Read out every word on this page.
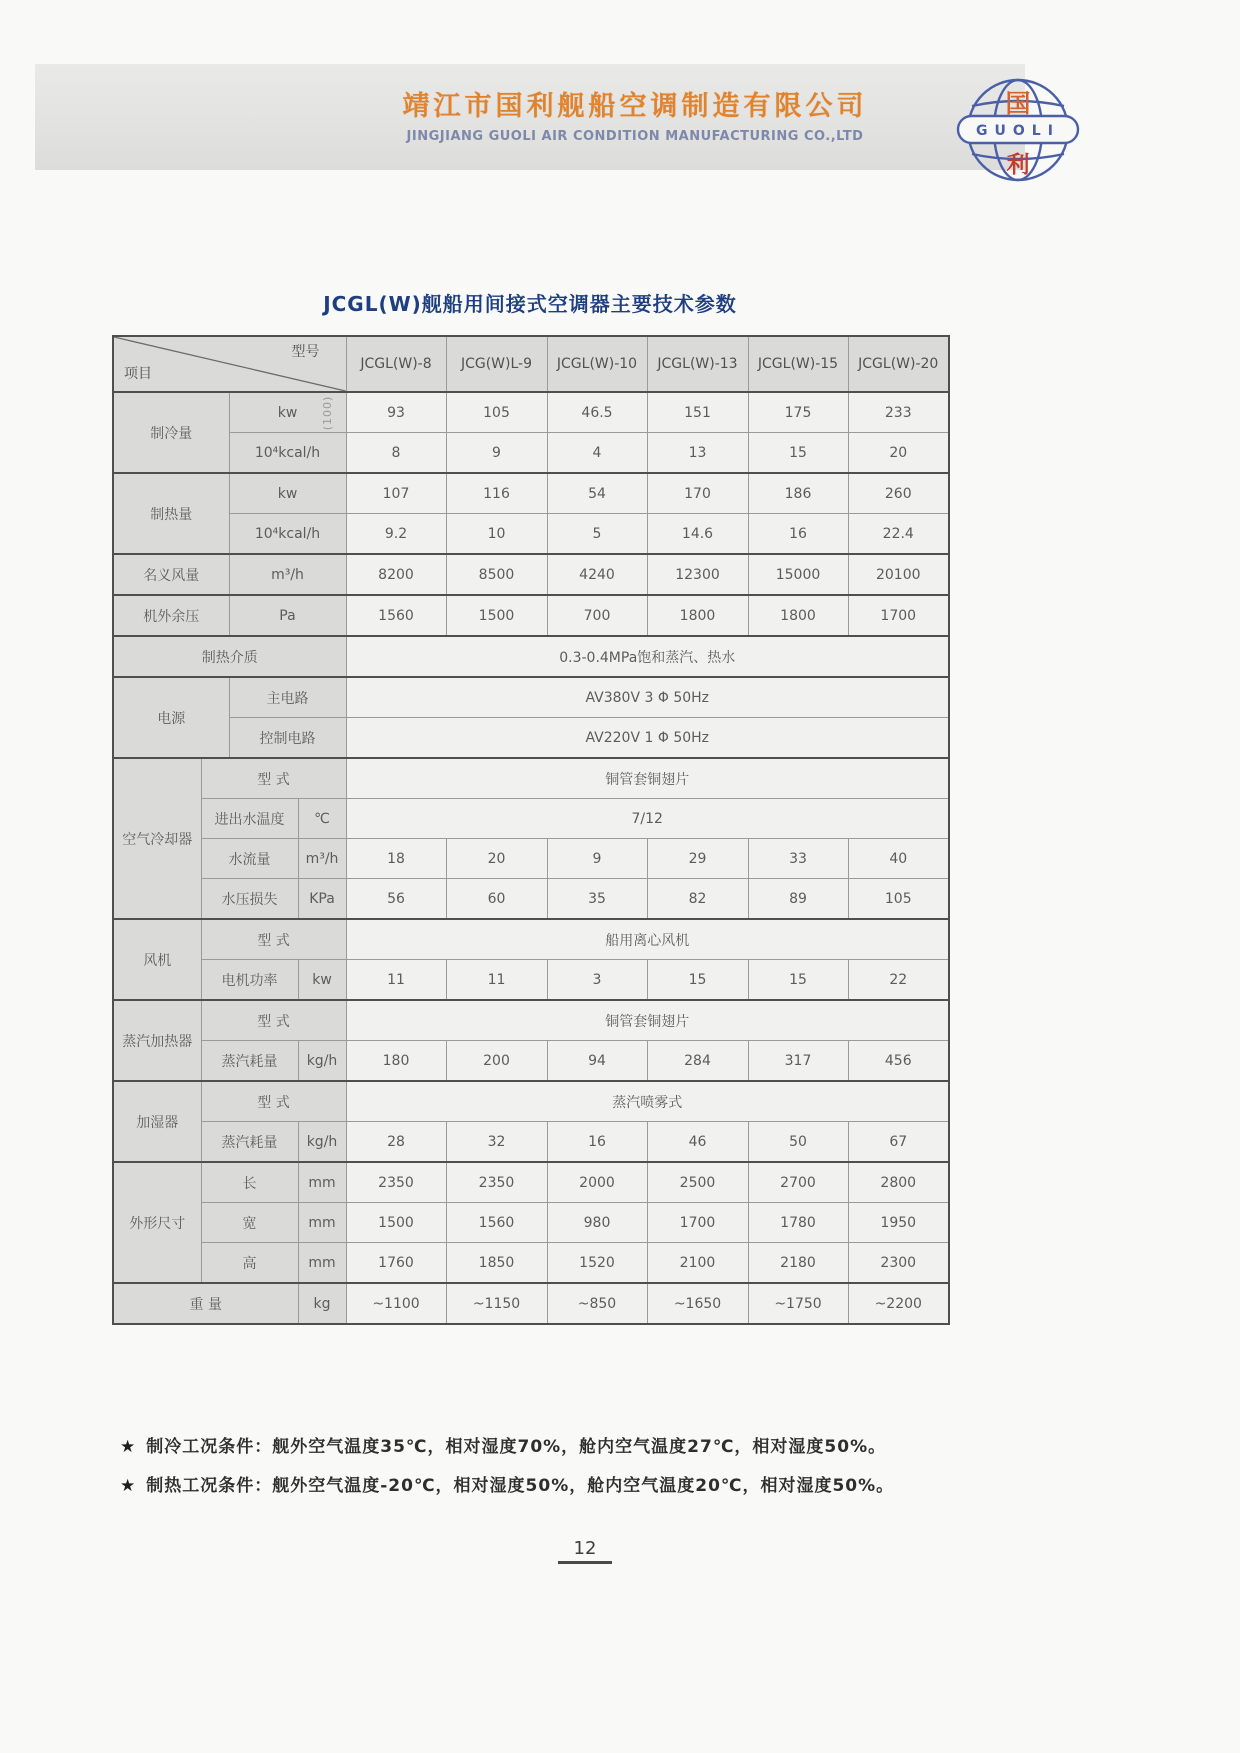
靖江市国利舰船空调制造有限公司
JINGJIANG GUOLI AIR CONDITION MANUFACTURING CO.,LTD	GUOLI
国
利
JCGL(W)舰船用间接式空调器主要技术参数
型号
项目				JCGL(W)-8	JCG(W)L-9	JCGL(W)-10	JCGL(W)-13	JCGL(W)-15	JCGL(W)-20
制冷量		kw (100)		93	105	46.5	151	175	233
		10⁴kcal/h		8	9	4	13	15	20
制热量		kw		107	116	54	170	186	260
		10⁴kcal/h		9.2	10	5	14.6	16	22.4
名义风量		m³/h		8200	8500	4240	12300	15000	20100
机外余压		Pa		1560	1500	700	1800	1800	1700
制热介质				0.3-0.4MPa饱和蒸汽、热水					
电源		主电路		AV380V 3 Φ 50Hz					
		控制电路		AV220V 1 Φ 50Hz					
空气冷却器	型 式			铜管套铜翅片					
	进出水温度		℃	7/12					
	水流量		m³/h	18	20	9	29	33	40
	水压损失		KPa	56	60	35	82	89	105
风机	型 式			船用离心风机					
	电机功率		kw	11	11	3	15	15	22
蒸汽加热器	型 式			铜管套铜翅片					
	蒸汽耗量		kg/h	180	200	94	284	317	456
加湿器	型 式			蒸汽喷雾式					
	蒸汽耗量		kg/h	28	32	16	46	50	67
外形尺寸	长		mm	2350	2350	2000	2500	2700	2800
	宽		mm	1500	1560	980	1700	1780	1950
	高		mm	1760	1850	1520	2100	2180	2300
重 量			kg	~1100	~1150	~850	~1650	~1750	~2200
★ 制冷工况条件：舰外空气温度35℃，相对湿度70%，舱内空气温度27℃，相对湿度50%。
★ 制热工况条件：舰外空气温度-20℃，相对湿度50%，舱内空气温度20℃，相对湿度50%。
12
